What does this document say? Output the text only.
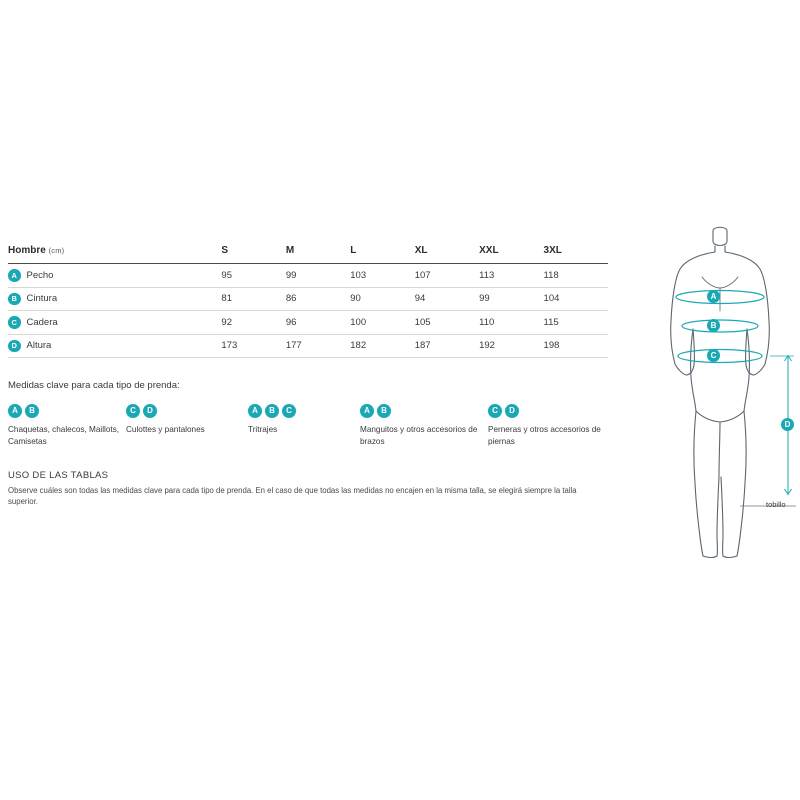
Hombre (cm)	S	M	L	XL	XXL	3XL

A Pecho	95	99	103	107	113	118

B Cintura	81	86	90	94	99	104

C Cadera	92	96	100	105	110	115

D Altura	173	177	182	187	192	198
Medidas clave para cada tipo de prenda:
A	B
Chaquetas, chalecos, Maillots, Camisetas
C	D
Culottes y pantalones
A	B	C
Tritrajes
A	B
Manguitos y otros accesorios de brazos
C	D
Perneras y otros accesorios de piernas
USO DE LAS TABLAS
Observe cuáles son todas las medidas clave para cada tipo de prenda. En el caso de que todas las medidas no encajen en la misma talla, se elegirá siempre la talla superior.
A
B
C
D
tobillo
